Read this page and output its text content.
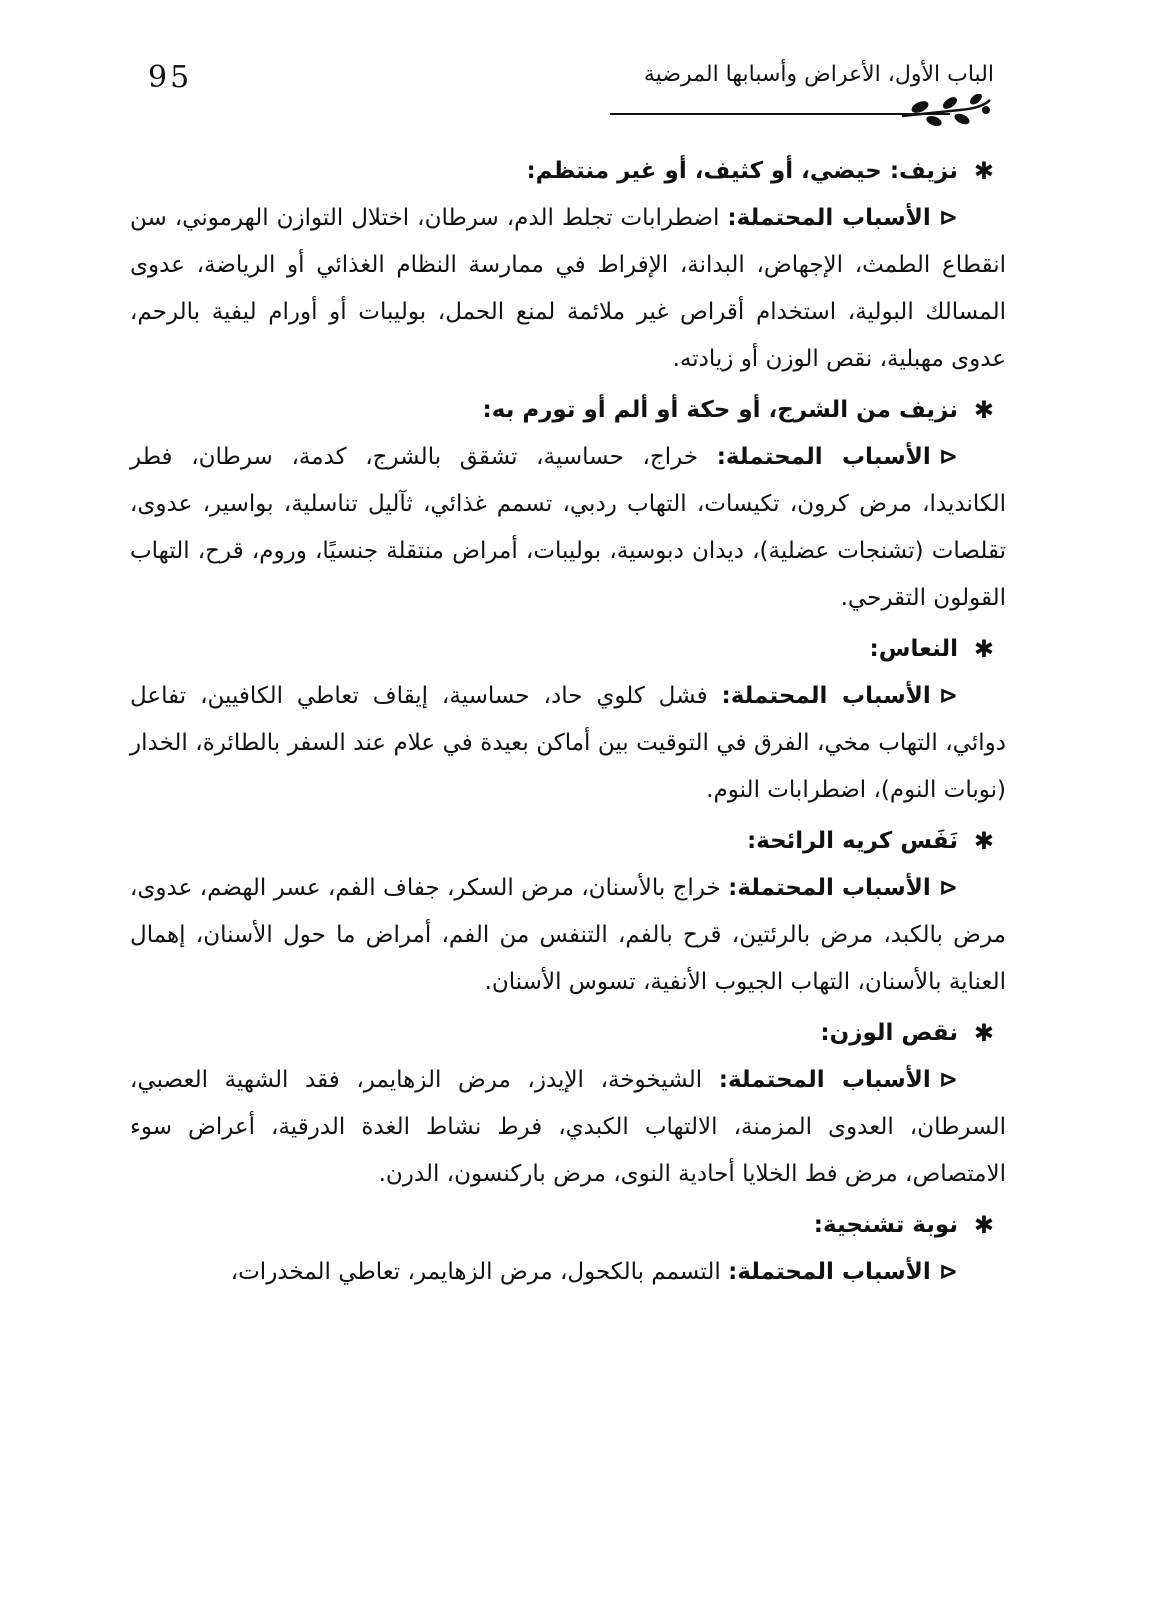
95	الباب الأول، الأعراض وأسبابها المرضية

✱
نزيف: حيضي، أو كثيف، أو غير منتظم:

⊲الأسباب المحتملة: اضطرابات تجلط الدم، سرطان، اختلال التوازن الهرموني، سن انقطاع الطمث، الإجهاض، البدانة، الإفراط في ممارسة النظام الغذائي أو الرياضة، عدوى المسالك البولية، استخدام أقراص غير ملائمة لمنع الحمل، بوليبات أو أورام ليفية بالرحم، عدوى مهبلية، نقص الوزن أو زيادته.

✱
نزيف من الشرج، أو حكة أو ألم أو تورم به:

⊲الأسباب المحتملة: خراج، حساسية، تشقق بالشرج، كدمة، سرطان، فطر الكانديدا، مرض كرون، تكيسات، التهاب ردبي، تسمم غذائي، ثآليل تناسلية، بواسير، عدوى، تقلصات (تشنجات عضلية)، ديدان دبوسية، بوليبات، أمراض منتقلة جنسيًا، وروم، قرح، التهاب القولون التقرحي.

✱
النعاس:

⊲الأسباب المحتملة: فشل كلوي حاد، حساسية، إيقاف تعاطي الكافيين، تفاعل دوائي، التهاب مخي، الفرق في التوقيت بين أماكن بعيدة في علام عند السفر بالطائرة، الخدار (نوبات النوم)، اضطرابات النوم.

✱
نَفَس كريه الرائحة:

⊲الأسباب المحتملة: خراج بالأسنان، مرض السكر، جفاف الفم، عسر الهضم، عدوى، مرض بالكبد، مرض بالرئتين، قرح بالفم، التنفس من الفم، أمراض ما حول الأسنان، إهمال العناية بالأسنان، التهاب الجيوب الأنفية، تسوس الأسنان.

✱
نقص الوزن:

⊲الأسباب المحتملة: الشيخوخة، الإيدز، مرض الزهايمر، فقد الشهية العصبي، السرطان، العدوى المزمنة، الالتهاب الكبدي، فرط نشاط الغدة الدرقية، أعراض سوء الامتصاص، مرض فط الخلايا أحادية النوى، مرض باركنسون، الدرن.

✱
نوبة تشنجية:

⊲الأسباب المحتملة: التسمم بالكحول، مرض الزهايمر، تعاطي المخدرات،
